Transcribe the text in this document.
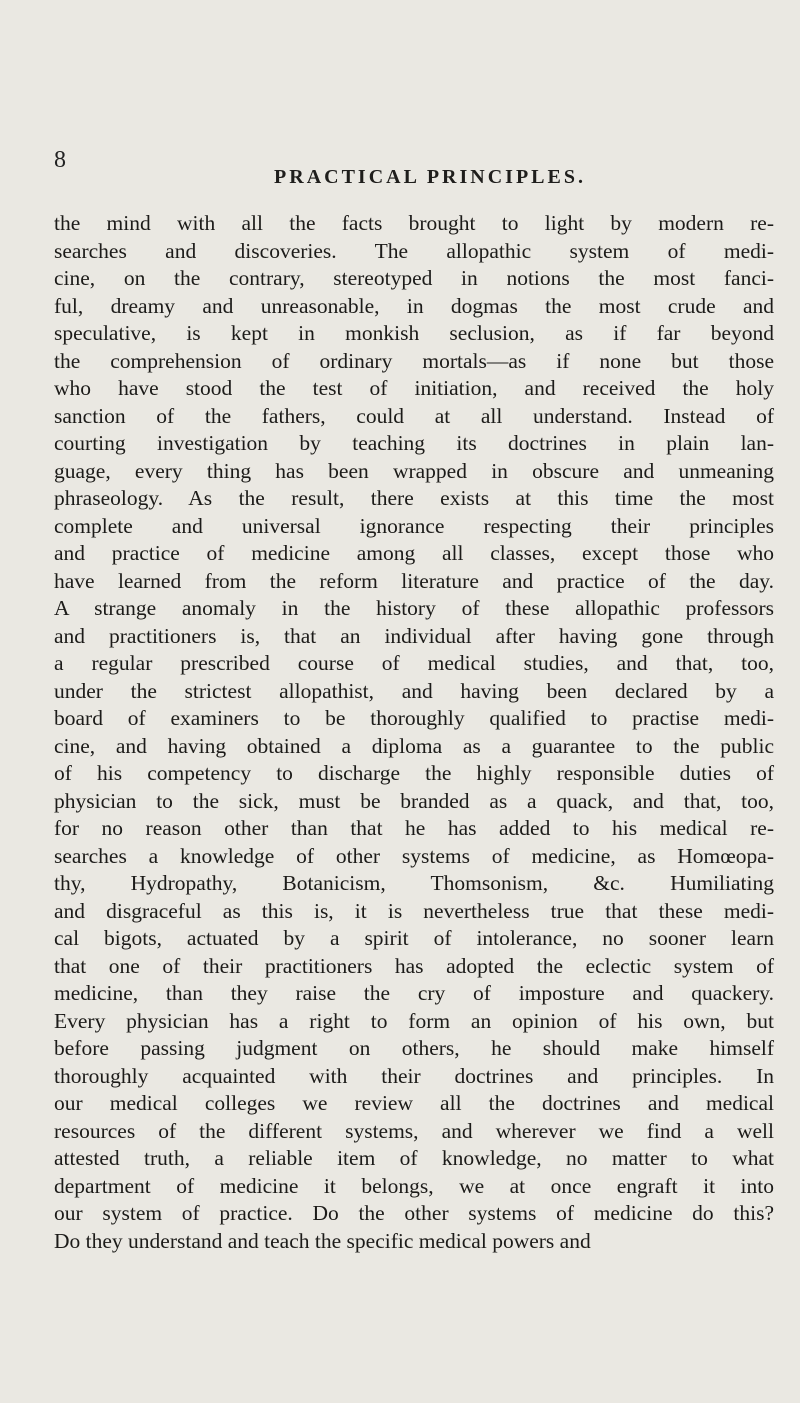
8
PRACTICAL PRINCIPLES.
the mind with all the facts brought to light by modern re-
searches and discoveries. The allopathic system of medi-
cine, on the contrary, stereotyped in notions the most fanci-
ful, dreamy and unreasonable, in dogmas the most crude and
speculative, is kept in monkish seclusion, as if far beyond
the comprehension of ordinary mortals—as if none but those
who have stood the test of initiation, and received the holy
sanction of the fathers, could at all understand. Instead of
courting investigation by teaching its doctrines in plain lan-
guage, every thing has been wrapped in obscure and unmeaning
phraseology. As the result, there exists at this time the most
complete and universal ignorance respecting their principles
and practice of medicine among all classes, except those who
have learned from the reform literature and practice of the day.
A strange anomaly in the history of these allopathic professors
and practitioners is, that an individual after having gone through
a regular prescribed course of medical studies, and that, too,
under the strictest allopathist, and having been declared by a
board of examiners to be thoroughly qualified to practise medi-
cine, and having obtained a diploma as a guarantee to the public
of his competency to discharge the highly responsible duties of
physician to the sick, must be branded as a quack, and that, too,
for no reason other than that he has added to his medical re-
searches a knowledge of other systems of medicine, as Homœopa-
thy, Hydropathy, Botanicism, Thomsonism, &c. Humiliating
and disgraceful as this is, it is nevertheless true that these medi-
cal bigots, actuated by a spirit of intolerance, no sooner learn
that one of their practitioners has adopted the eclectic system of
medicine, than they raise the cry of imposture and quackery.
Every physician has a right to form an opinion of his own, but
before passing judgment on others, he should make himself
thoroughly acquainted with their doctrines and principles. In
our medical colleges we review all the doctrines and medical
resources of the different systems, and wherever we find a well
attested truth, a reliable item of knowledge, no matter to what
department of medicine it belongs, we at once engraft it into
our system of practice. Do the other systems of medicine do this?
Do they understand and teach the specific medical powers and
